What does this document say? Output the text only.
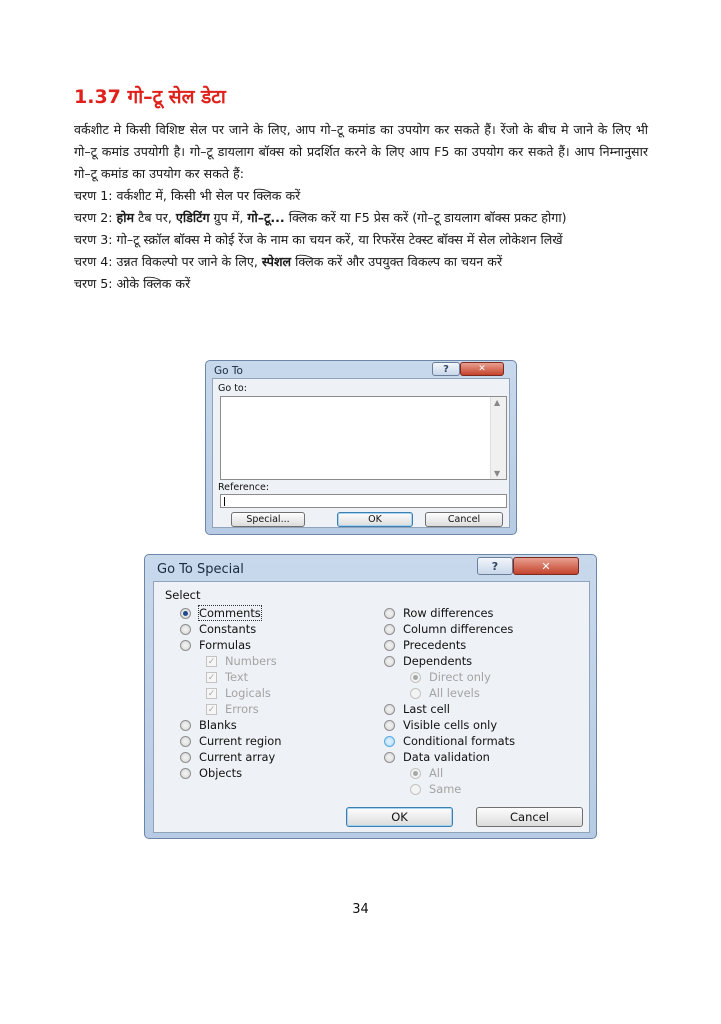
1.37 गो–टू सेल डेटा

वर्कशीट मे किसी विशिष्ट सेल पर जाने के लिए, आप गो–टू कमांड का उपयोग कर सकते हैं। रेंजो के बीच मे जाने के लिए भी गो–टू कमांड उपयोगी है। गो–टू डायलाग बॉक्स को प्रदर्शित करने के लिए आप F5 का उपयोग कर सकते हैं। आप निम्नानुसार गो–टू कमांड का उपयोग कर सकते हैं:

चरण 1:
वर्कशीट में, किसी भी सेल पर क्लिक करें
चरण 2:
होम टैब पर, एडिटिंग ग्रुप में, गो–टू... क्लिक करें या F5 प्रेस करें (गो–टू डायलाग बॉक्स प्रकट होगा)
चरण 3:
गो–टू स्क्रॉल बॉक्स मे कोई रेंज के नाम का चयन करें, या रिफरेंस टेक्स्ट बॉक्स में सेल लोकेशन लिखें
चरण 4:
उन्नत विकल्पो पर जाने के लिए, स्पेशल क्लिक करें और उपयुक्त विकल्प का चयन करें
चरण 5:
ओके क्लिक करें
Go To	?	✕
Go to:
▲
▼
Reference:
Special...	OK	Cancel
Go To Special	?	✕
Select
Comments
Constants
Formulas
✓ Numbers
✓ Text
✓ Logicals
✓ Errors
Blanks
Current region
Current array
Objects
Row differences
Column differences
Precedents
Dependents
Direct only
All levels
Last cell
Visible cells only
Conditional formats
Data validation
All
Same
OK	Cancel
34
